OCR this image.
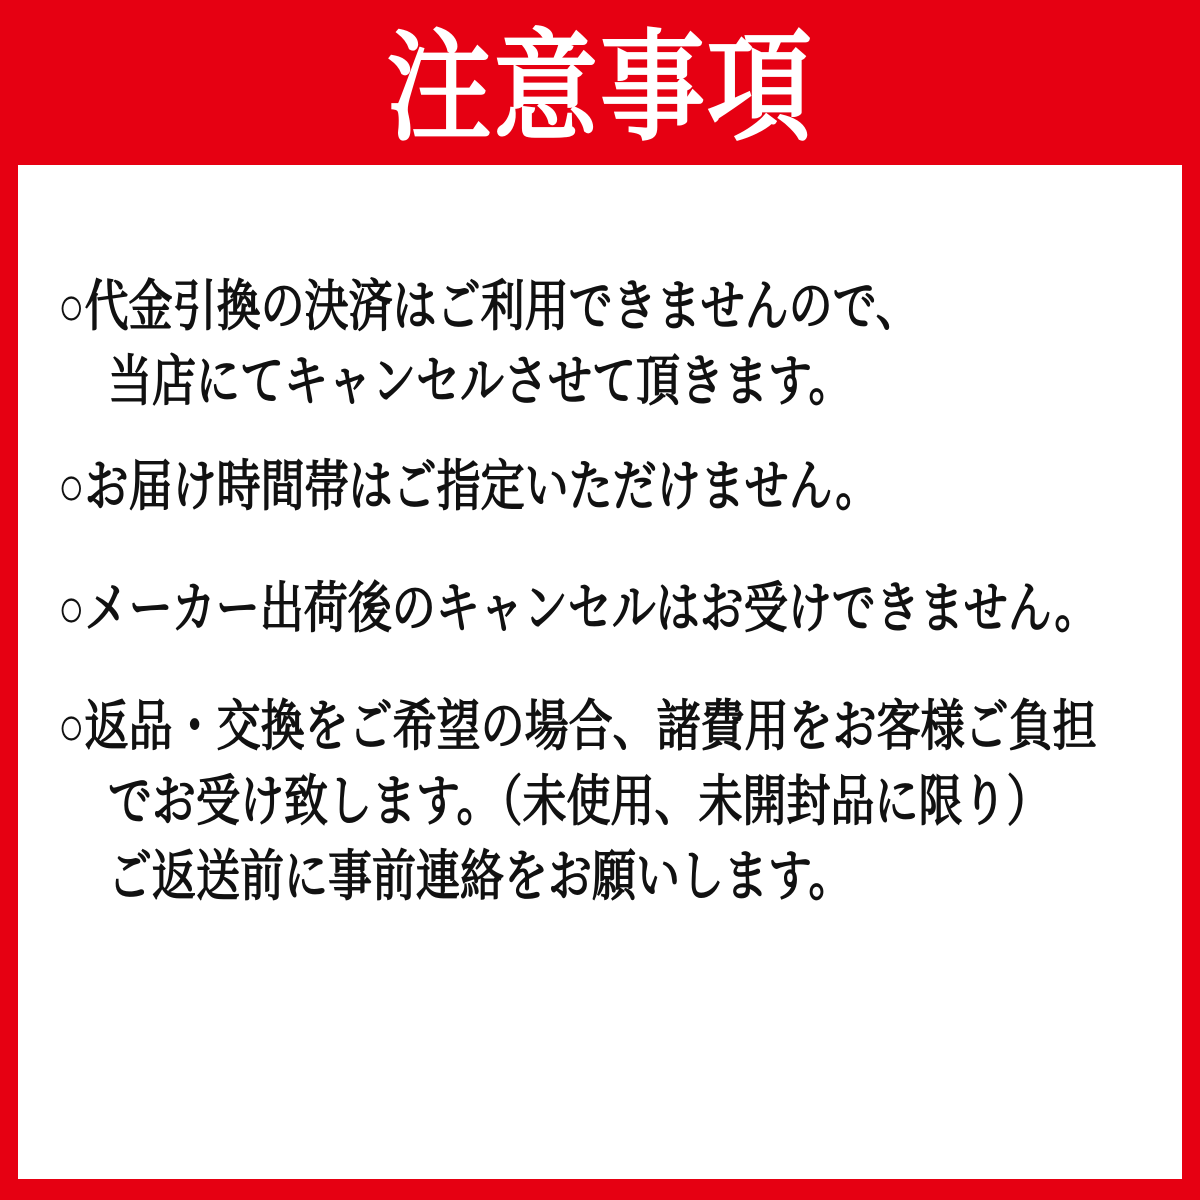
注意事項

○代金引換の決済はご利用できませんので、

当店にてキャンセルさせて頂きます。

○お届け時間帯はご指定いただけません。

○メーカー出荷後のキャンセルはお受けできません。

○返品・交換をご希望の場合、諸費用をお客様ご負担

でお受け致します。（未使用、未開封品に限り）

ご返送前に事前連絡をお願いします。
